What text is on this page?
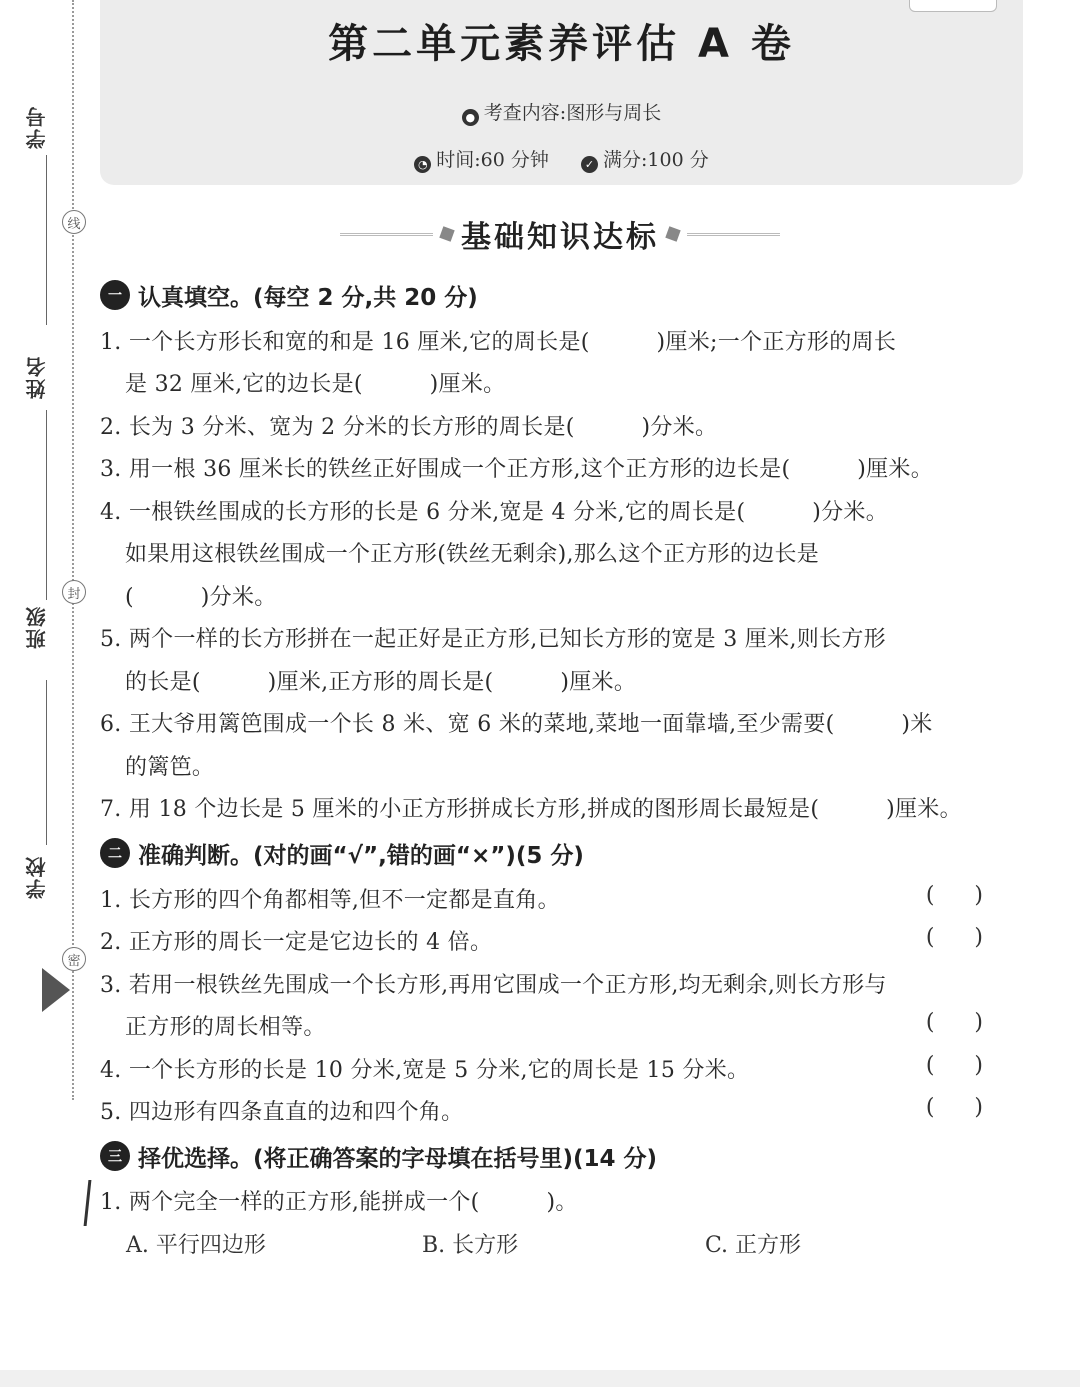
学号
姓名
班级
学校
线
封
密
第二单元素养评估 A 卷
● 考查内容:图形与周长
◔ 时间:60 分钟	✓ 满分:100 分
基础知识达标
一 认真填空。(每空 2 分,共 20 分)
1. 一个长方形长和宽的和是 16 厘米,它的周长是(　　　)厘米;一个正方形的周长
是 32 厘米,它的边长是(　　　)厘米。
2. 长为 3 分米、宽为 2 分米的长方形的周长是(　　　)分米。
3. 用一根 36 厘米长的铁丝正好围成一个正方形,这个正方形的边长是(　　　)厘米。
4. 一根铁丝围成的长方形的长是 6 分米,宽是 4 分米,它的周长是(　　　)分米。
如果用这根铁丝围成一个正方形(铁丝无剩余),那么这个正方形的边长是
(　　　)分米。
5. 两个一样的长方形拼在一起正好是正方形,已知长方形的宽是 3 厘米,则长方形
的长是(　　　)厘米,正方形的周长是(　　　)厘米。
6. 王大爷用篱笆围成一个长 8 米、宽 6 米的菜地,菜地一面靠墙,至少需要(　　　)米
的篱笆。
7. 用 18 个边长是 5 厘米的小正方形拼成长方形,拼成的图形周长最短是(　　　)厘米。
二 准确判断。(对的画“√”,错的画“×”)(5 分)
1. 长方形的四个角都相等,但不一定都是直角。	()
2. 正方形的周长一定是它边长的 4 倍。	()
3. 若用一根铁丝先围成一个长方形,再用它围成一个正方形,均无剩余,则长方形与
正方形的周长相等。	()
4. 一个长方形的长是 10 分米,宽是 5 分米,它的周长是 15 分米。	()
5. 四边形有四条直直的边和四个角。	()
三 择优选择。(将正确答案的字母填在括号里)(14 分)
1. 两个完全一样的正方形,能拼成一个(　　　)。
A. 平行四边形	B. 长方形	C. 正方形
